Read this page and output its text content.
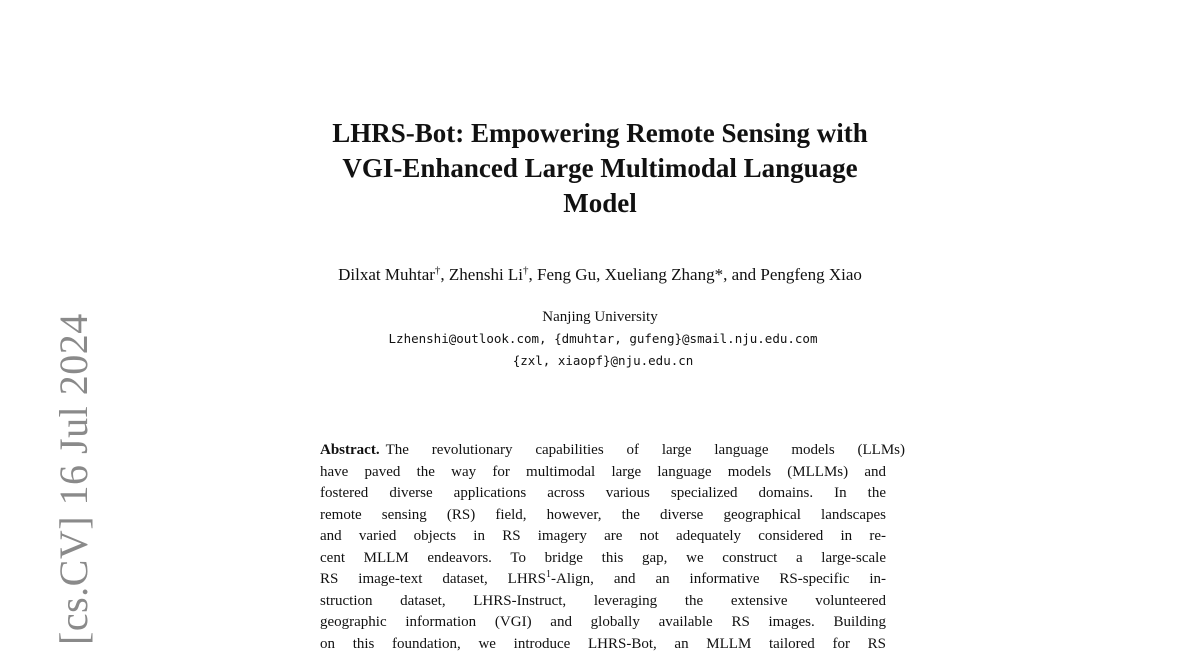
[cs.CV] 16 Jul 2024
LHRS-Bot: Empowering Remote Sensing with
VGI-Enhanced Large Multimodal Language
Model
Dilxat Muhtar†, Zhenshi Li†, Feng Gu, Xueliang Zhang*, and Pengfeng Xiao
Nanjing University
Lzhenshi@outlook.com, {dmuhtar, gufeng}@smail.nju.edu.com
{zxl, xiaopf}@nju.edu.cn
Abstract. The revolutionary capabilities of large language models (LLMs)
have paved the way for multimodal large language models (MLLMs) and
fostered diverse applications across various specialized domains. In the
remote sensing (RS) field, however, the diverse geographical landscapes
and varied objects in RS imagery are not adequately considered in re-
cent MLLM endeavors. To bridge this gap, we construct a large-scale
RS image-text dataset, LHRS$^1$-Align, and an informative RS-specific in-
struction dataset, LHRS-Instruct, leveraging the extensive volunteered
geographic information (VGI) and globally available RS images. Building
on this foundation, we introduce LHRS-Bot, an MLLM tailored for RS
